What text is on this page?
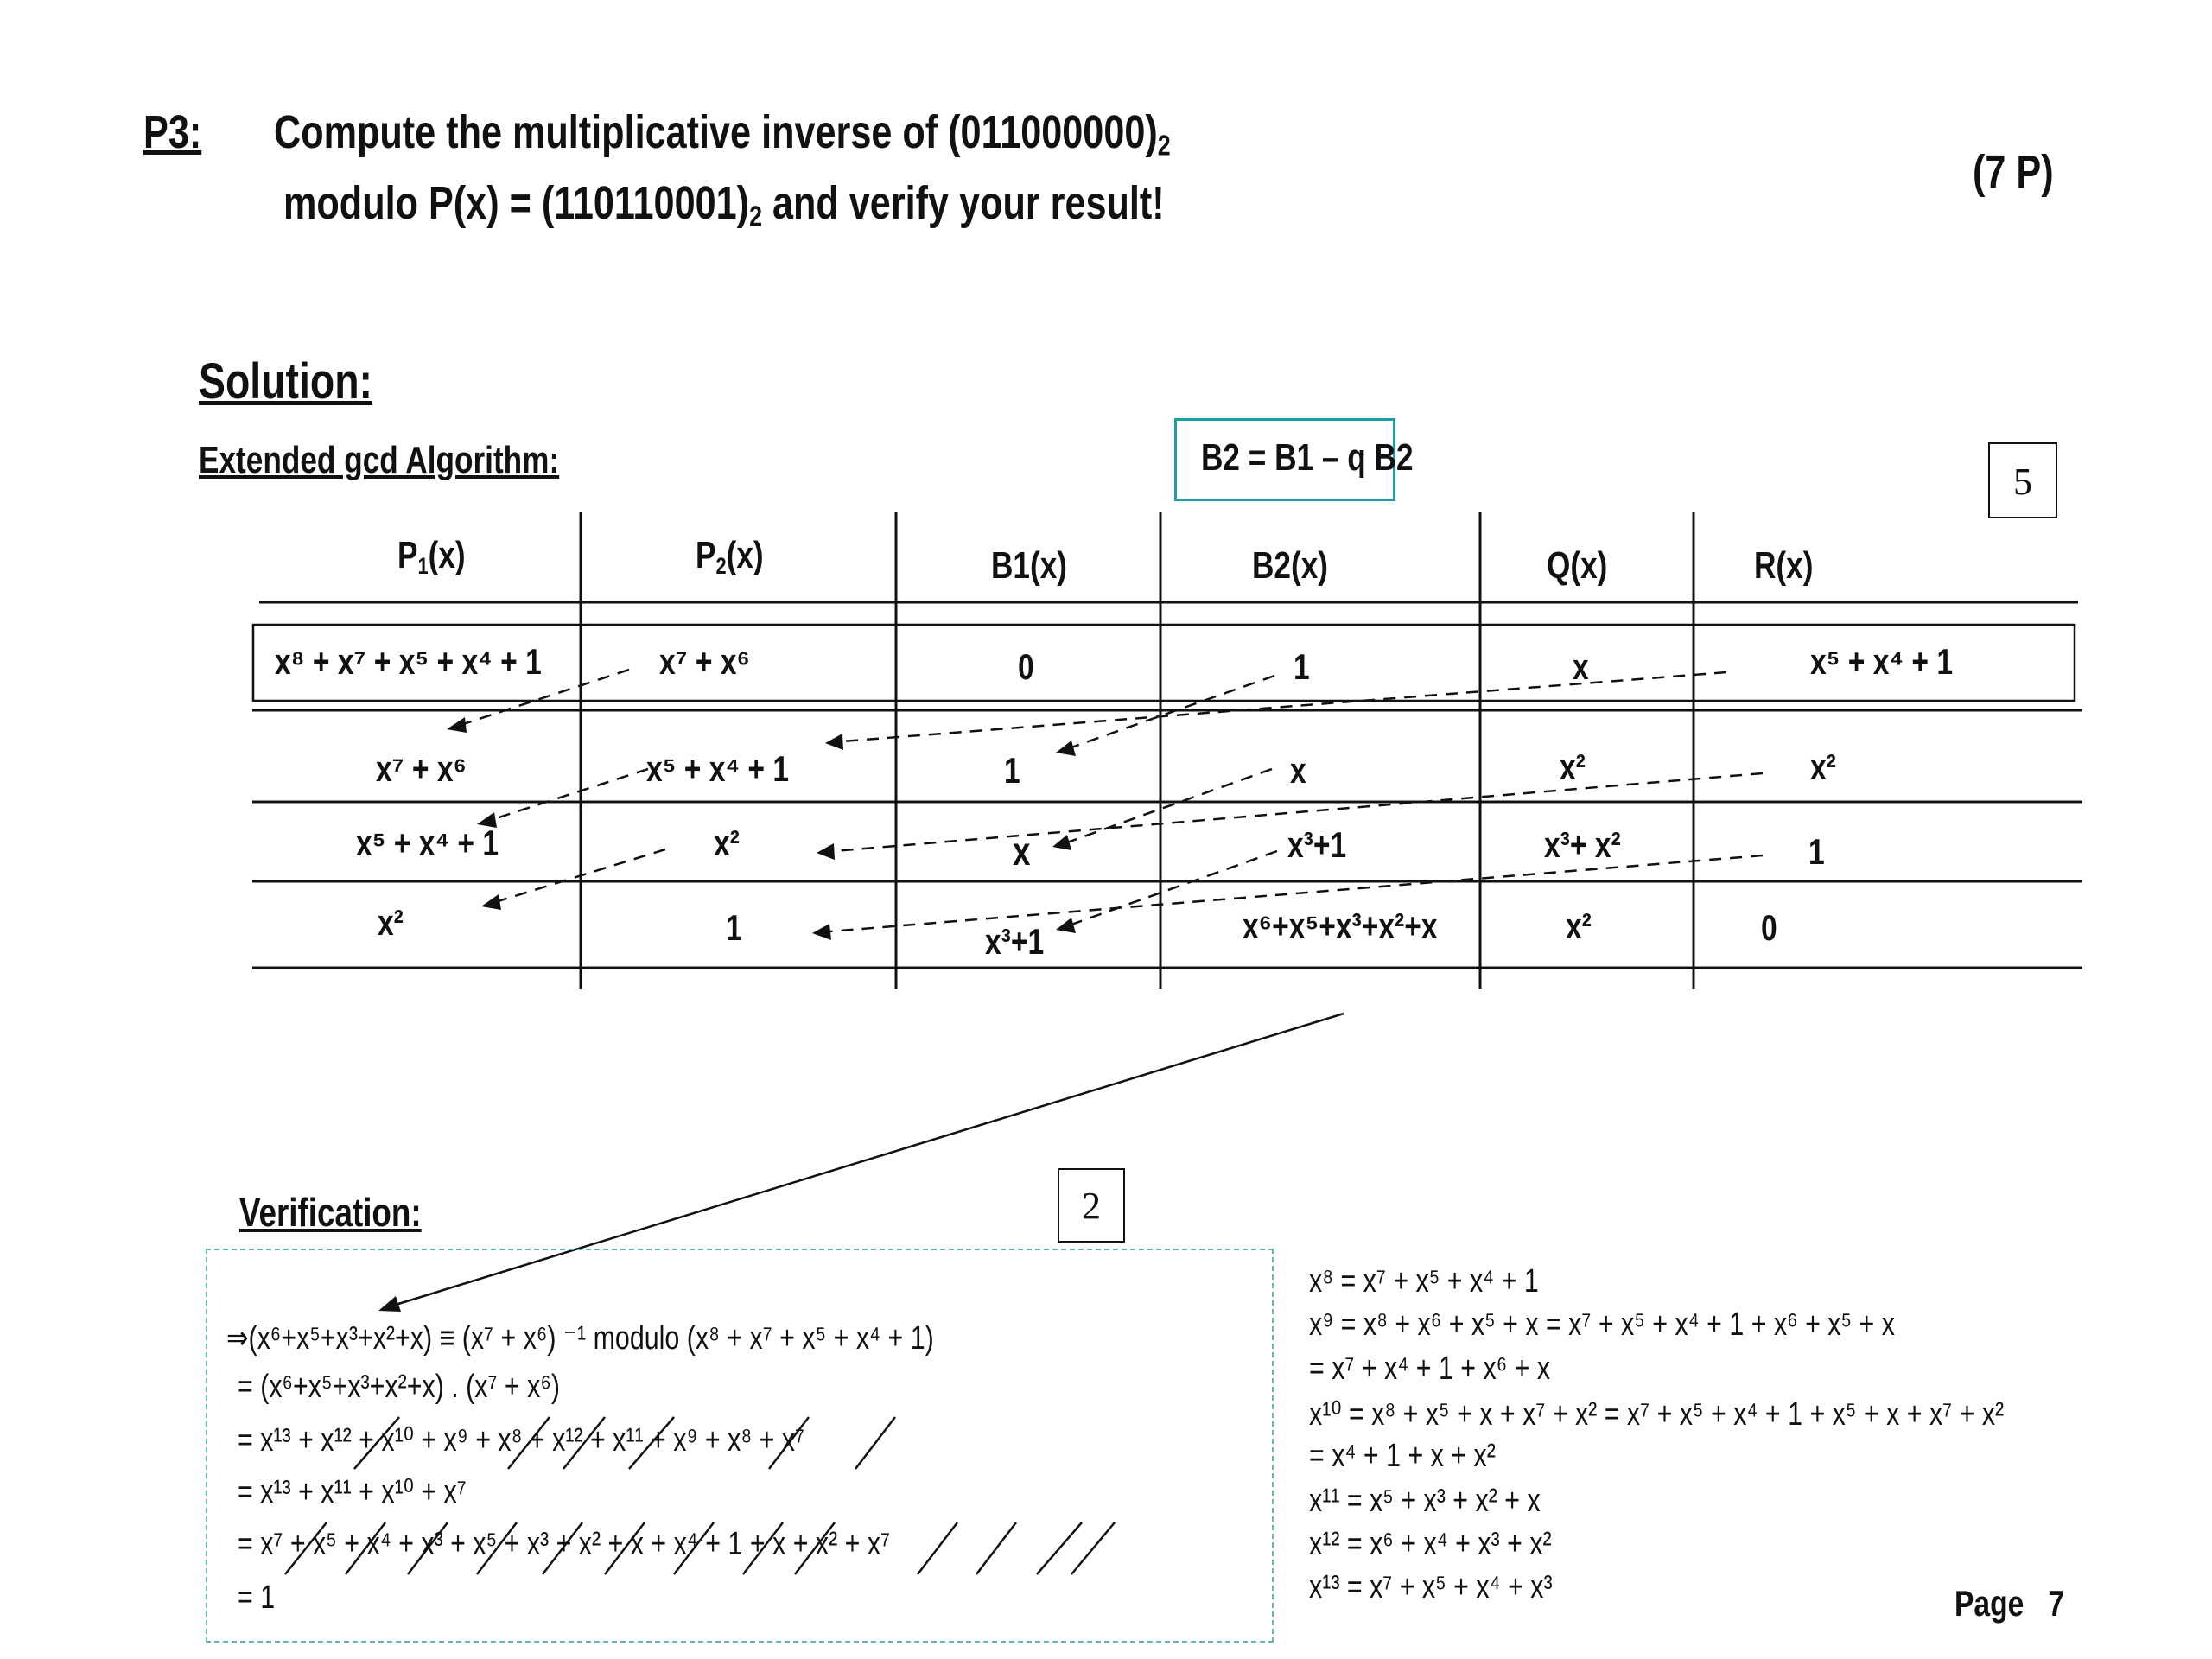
P3: Compute the multiplicative inverse of $(011000000)_2$
modulo $P(x) = (110110001)_2$ and verify your result!
(7 P)
Solution:
Extended gcd Algorithm:	B2 = B1 – q B2
5
$P_1(x)$	$P_2(x)$	B1(x)	B2(x)	Q(x)	R(x)
x⁸ + x⁷ + x⁵ + x⁴ + 1	x⁷ + x⁶	0	1	x	x⁵ + x⁴ + 1
x⁷ + x⁶	x⁵ + x⁴ + 1	1	x	x²	x²
x⁵ + x⁴ + 1	x²	x	x³+1	x³+ x²	1
x²	1	x³+1	x⁶+x⁵+x³+x²+x	x²	0
Verification:	2
⇒(x⁶+x⁵+x³+x²+x) ≡ (x⁷ + x⁶) ⁻¹ modulo (x⁸ + x⁷ + x⁵ + x⁴ + 1)
= (x⁶+x⁵+x³+x²+x) . (x⁷ + x⁶)
= x¹³ + x¹² + x¹⁰ + x⁹ + x⁸ + x¹² + x¹¹ + x⁹ + x⁸ + x⁷
= x¹³ + x¹¹ + x¹⁰ + x⁷
= x⁷ + x⁵ + x⁴ + x³ + x⁵ + x³ + x² + x + x⁴ + 1 + x + x² + x⁷
= 1
x⁸ = x⁷ + x⁵ + x⁴ + 1
x⁹ = x⁸ + x⁶ + x⁵ + x = x⁷ + x⁵ + x⁴ + 1 + x⁶ + x⁵ + x
= x⁷ + x⁴ + 1 + x⁶ + x
x¹⁰ = x⁸ + x⁵ + x + x⁷ + x² = x⁷ + x⁵ + x⁴ + 1 + x⁵ + x + x⁷ + x²
= x⁴ + 1 + x + x²
x¹¹ = x⁵ + x³ + x² + x
x¹² = x⁶ + x⁴ + x³ + x²
x¹³ = x⁷ + x⁵ + x⁴ + x³	Page 7
